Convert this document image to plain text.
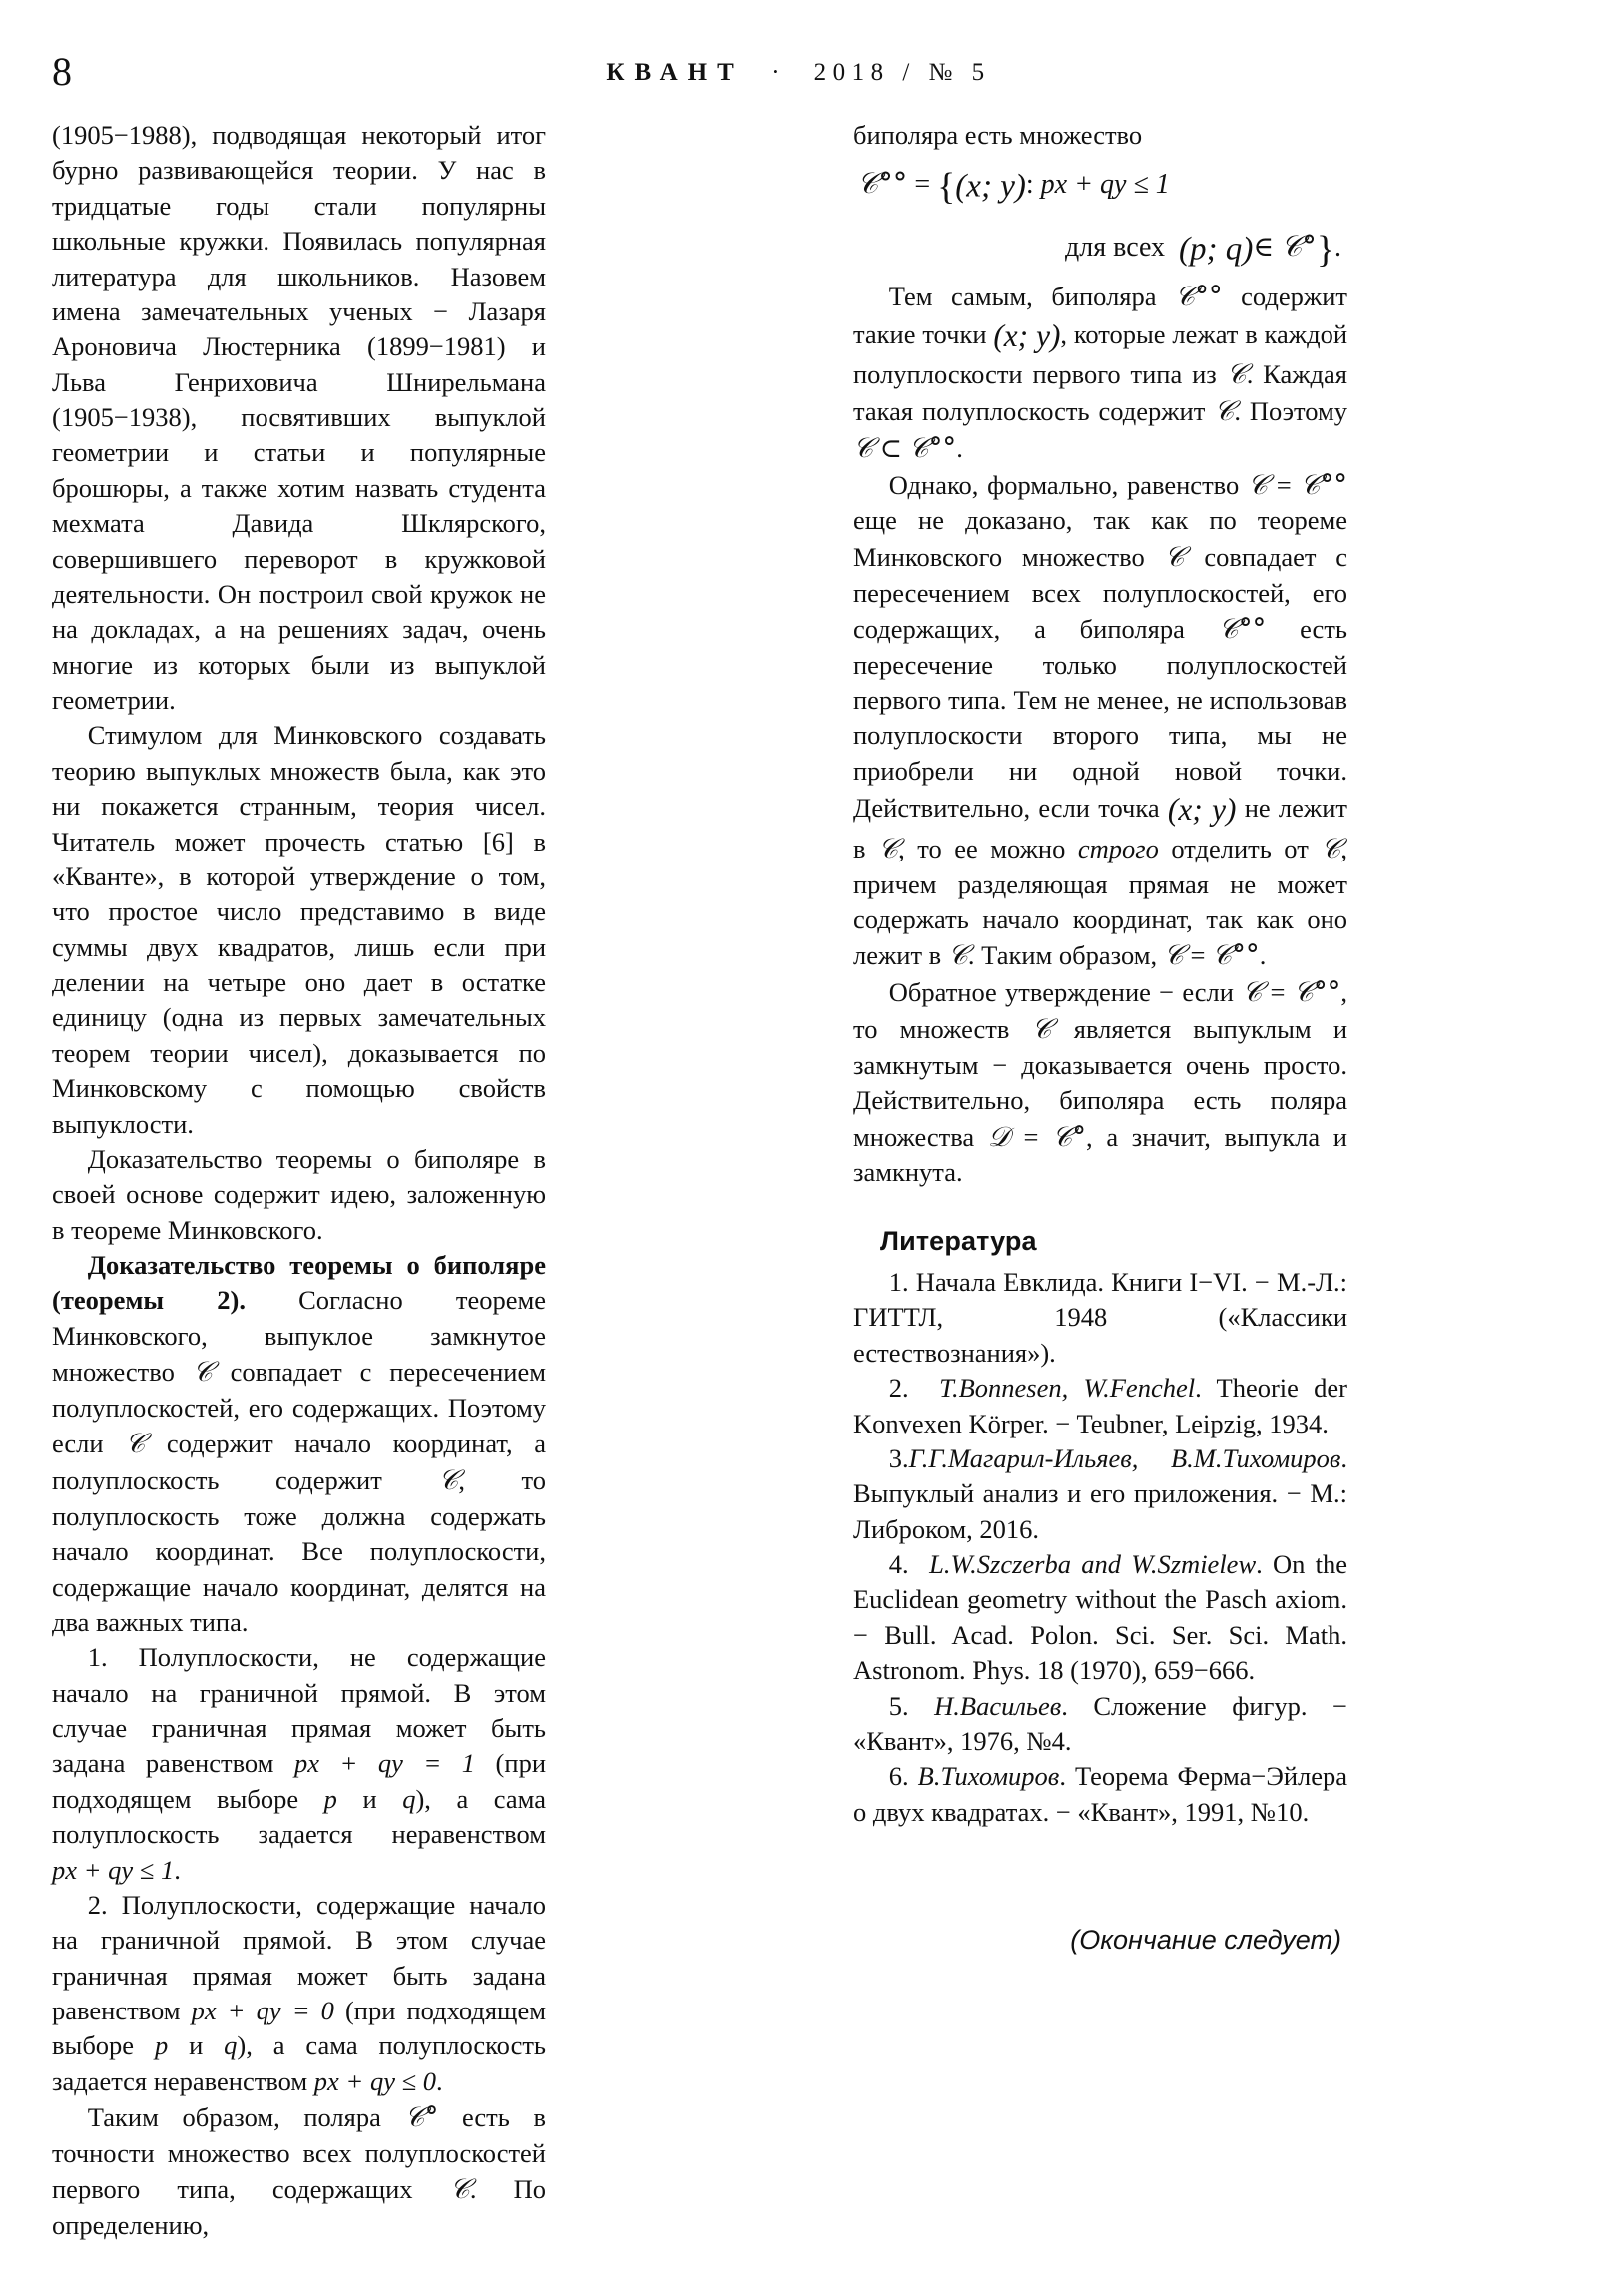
8	КВАНТ · 2018 / № 5

(1905−1988), подводящая некоторый итог бурно развивающейся теории. У нас в тридцатые годы стали популярны школьные кружки. Появилась популярная литература для школьников. Назовем имена замечательных ученых − Лазаря Ароновича Люстерника (1899−1981) и Льва Генриховича Шнирельмана (1905−1938), посвятивших выпуклой геометрии и статьи и популярные брошюры, а также хотим назвать студента мехмата Давида Шклярского, совершившего переворот в кружковой деятельности. Он построил свой кружок не на докладах, а на решениях задач, очень многие из которых были из выпуклой геометрии.

Стимулом для Минковского создавать теорию выпуклых множеств была, как это ни покажется странным, теория чисел. Читатель может прочесть статью [6] в «Кванте», в которой утверждение о том, что простое число представимо в виде суммы двух квадратов, лишь если при делении на четыре оно дает в остатке единицу (одна из первых замечательных теорем теории чисел), доказывается по Минковскому с помощью свойств выпуклости.

Доказательство теоремы о биполяре в своей основе содержит идею, заложенную в теореме Минковского.

Доказательство теоремы о биполяре (теоремы 2). Согласно теореме Минковского, выпуклое замкнутое множество 𝒞 совпадает с пересечением полуплоскостей, его содержащих. Поэтому если 𝒞 содержит начало координат, а полуплоскость содержит 𝒞, то полуплоскость тоже должна содержать начало координат. Все полуплоскости, содержащие начало координат, делятся на два важных типа.

1. Полуплоскости, не содержащие начало на граничной прямой. В этом случае граничная прямая может быть задана равенством px + qy = 1 (при подходящем выборе p и q), а сама полуплоскость задается неравенством px + qy ≤ 1.

2. Полуплоскости, содержащие начало на граничной прямой. В этом случае граничная прямая может быть задана равенством px + qy = 0 (при подходящем выборе p и q), а сама полуплоскость задается неравенством px + qy ≤ 0.

Таким образом, поляра 𝒞° есть в точности множество всех полуплоскостей первого типа, содержащих 𝒞. По определению,

биполяра есть множество

𝒞°° = {(x; y): px + qy ≤ 1
для всех (p; q)∈ 𝒞°}.

Тем самым, биполяра 𝒞°° содержит такие точки (x; y), которые лежат в каждой полуплоскости первого типа из 𝒞. Каждая такая полуплоскость содержит 𝒞. Поэтому 𝒞 ⊂ 𝒞°°.

Однако, формально, равенство 𝒞 = 𝒞°° еще не доказано, так как по теореме Минковского множество 𝒞 совпадает с пересечением всех полуплоскостей, его содержащих, а биполяра 𝒞°° есть пересечение только полуплоскостей первого типа. Тем не менее, не использовав полуплоскости второго типа, мы не приобрели ни одной новой точки. Действительно, если точка (x; y) не лежит в 𝒞, то ее можно строго отделить от 𝒞, причем разделяющая прямая не может содержать начало координат, так как оно лежит в 𝒞. Таким образом, 𝒞 = 𝒞°°.

Обратное утверждение − если 𝒞 = 𝒞°°, то множеств 𝒞 является выпуклым и замкнутым − доказывается очень просто. Действительно, биполяра есть поляра множества 𝒟 = 𝒞°, а значит, выпукла и замкнута.

Литература

1. Начала Евклида. Книги I−VI. − М.-Л.: ГИТТЛ, 1948 («Классики естествознания»).

2. T.Bonnesen, W.Fenchel. Theorie der Konvexen Körper. − Teubner, Leipzig, 1934.

3.Г.Г.Магарил-Ильяев, В.М.Тихомиров. Выпуклый анализ и его приложения. − М.: Либроком, 2016.

4. L.W.Szczerba and W.Szmielew. On the Euclidean geometry without the Pasch axiom. − Bull. Acad. Polon. Sci. Ser. Sci. Math. Astronom. Phys. 18 (1970), 659−666.

5. Н.Васильев. Сложение фигур. − «Квант», 1976, №4.

6. В.Тихомиров. Теорема Ферма−Эйлера о двух квадратах. − «Квант», 1991, №10.

(Окончание следует)
